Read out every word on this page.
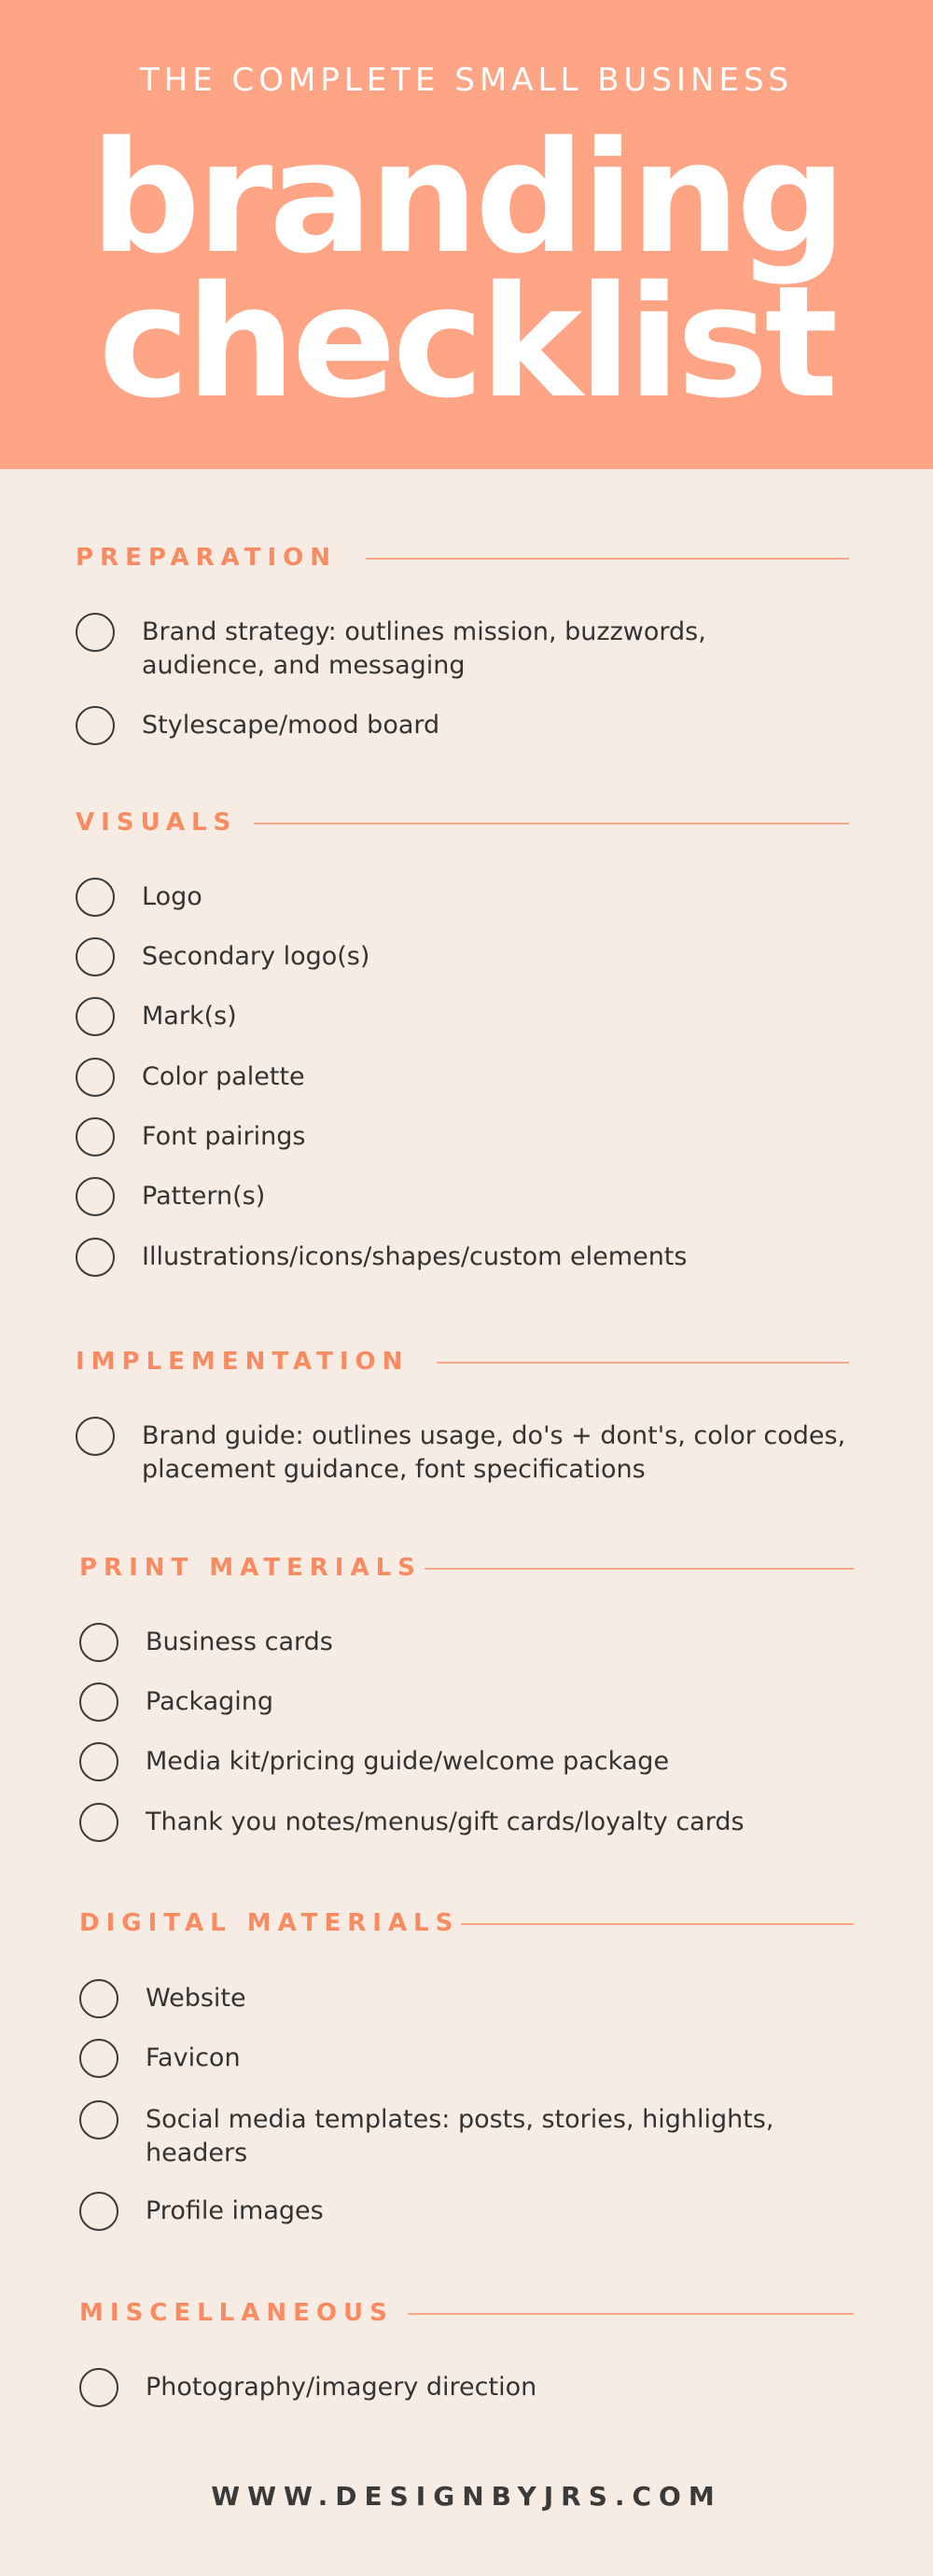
THE COMPLETE SMALL BUSINESS
branding
checklist
PREPARATION
Brand strategy: outlines mission, buzzwords,
audience, and messaging
Stylescape/mood board
VISUALS
Logo
Secondary logo(s)
Mark(s)
Color palette
Font pairings
Pattern(s)
Illustrations/icons/shapes/custom elements
IMPLEMENTATION
Brand guide: outlines usage, do's + dont's, color codes,
placement guidance, font specifications
PRINT MATERIALS
Business cards
Packaging
Media kit/pricing guide/welcome package
Thank you notes/menus/gift cards/loyalty cards
DIGITAL MATERIALS
Website
Favicon
Social media templates: posts, stories, highlights,
headers
Profile images
MISCELLANEOUS
Photography/imagery direction
WWW.DESIGNBYJRS.COM
